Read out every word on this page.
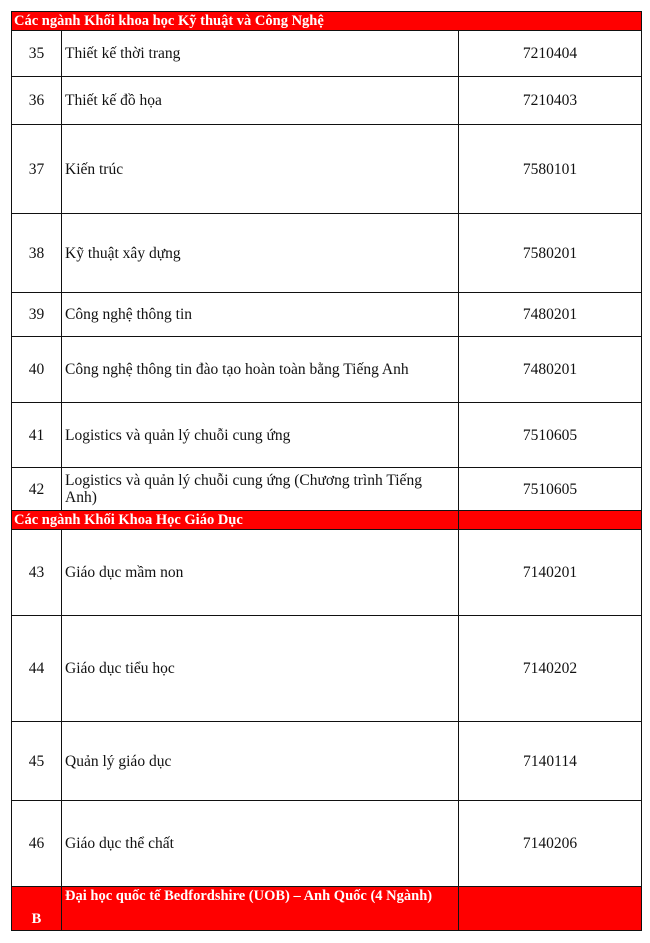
Các ngành Khối khoa học Kỹ thuật và Công Nghệ		
35	Thiết kế thời trang	7210404
36	Thiết kế đồ họa	7210403
37	Kiến trúc	7580101
38	Kỹ thuật xây dựng	7580201
39	Công nghệ thông tin	7480201
40	Công nghệ thông tin đào tạo hoàn toàn bằng Tiếng Anh	7480201
41	Logistics và quản lý chuỗi cung ứng	7510605
42	Logistics và quản lý chuỗi cung ứng (Chương trình Tiếng Anh)	7510605
Các ngành Khối Khoa Học Giáo Dục		
43	Giáo dục mầm non	7140201
44	Giáo dục tiểu học	7140202
45	Quản lý giáo dục	7140114
46	Giáo dục thể chất	7140206
B	Đại học quốc tế Bedfordshire (UOB) – Anh Quốc (4 Ngành)	
